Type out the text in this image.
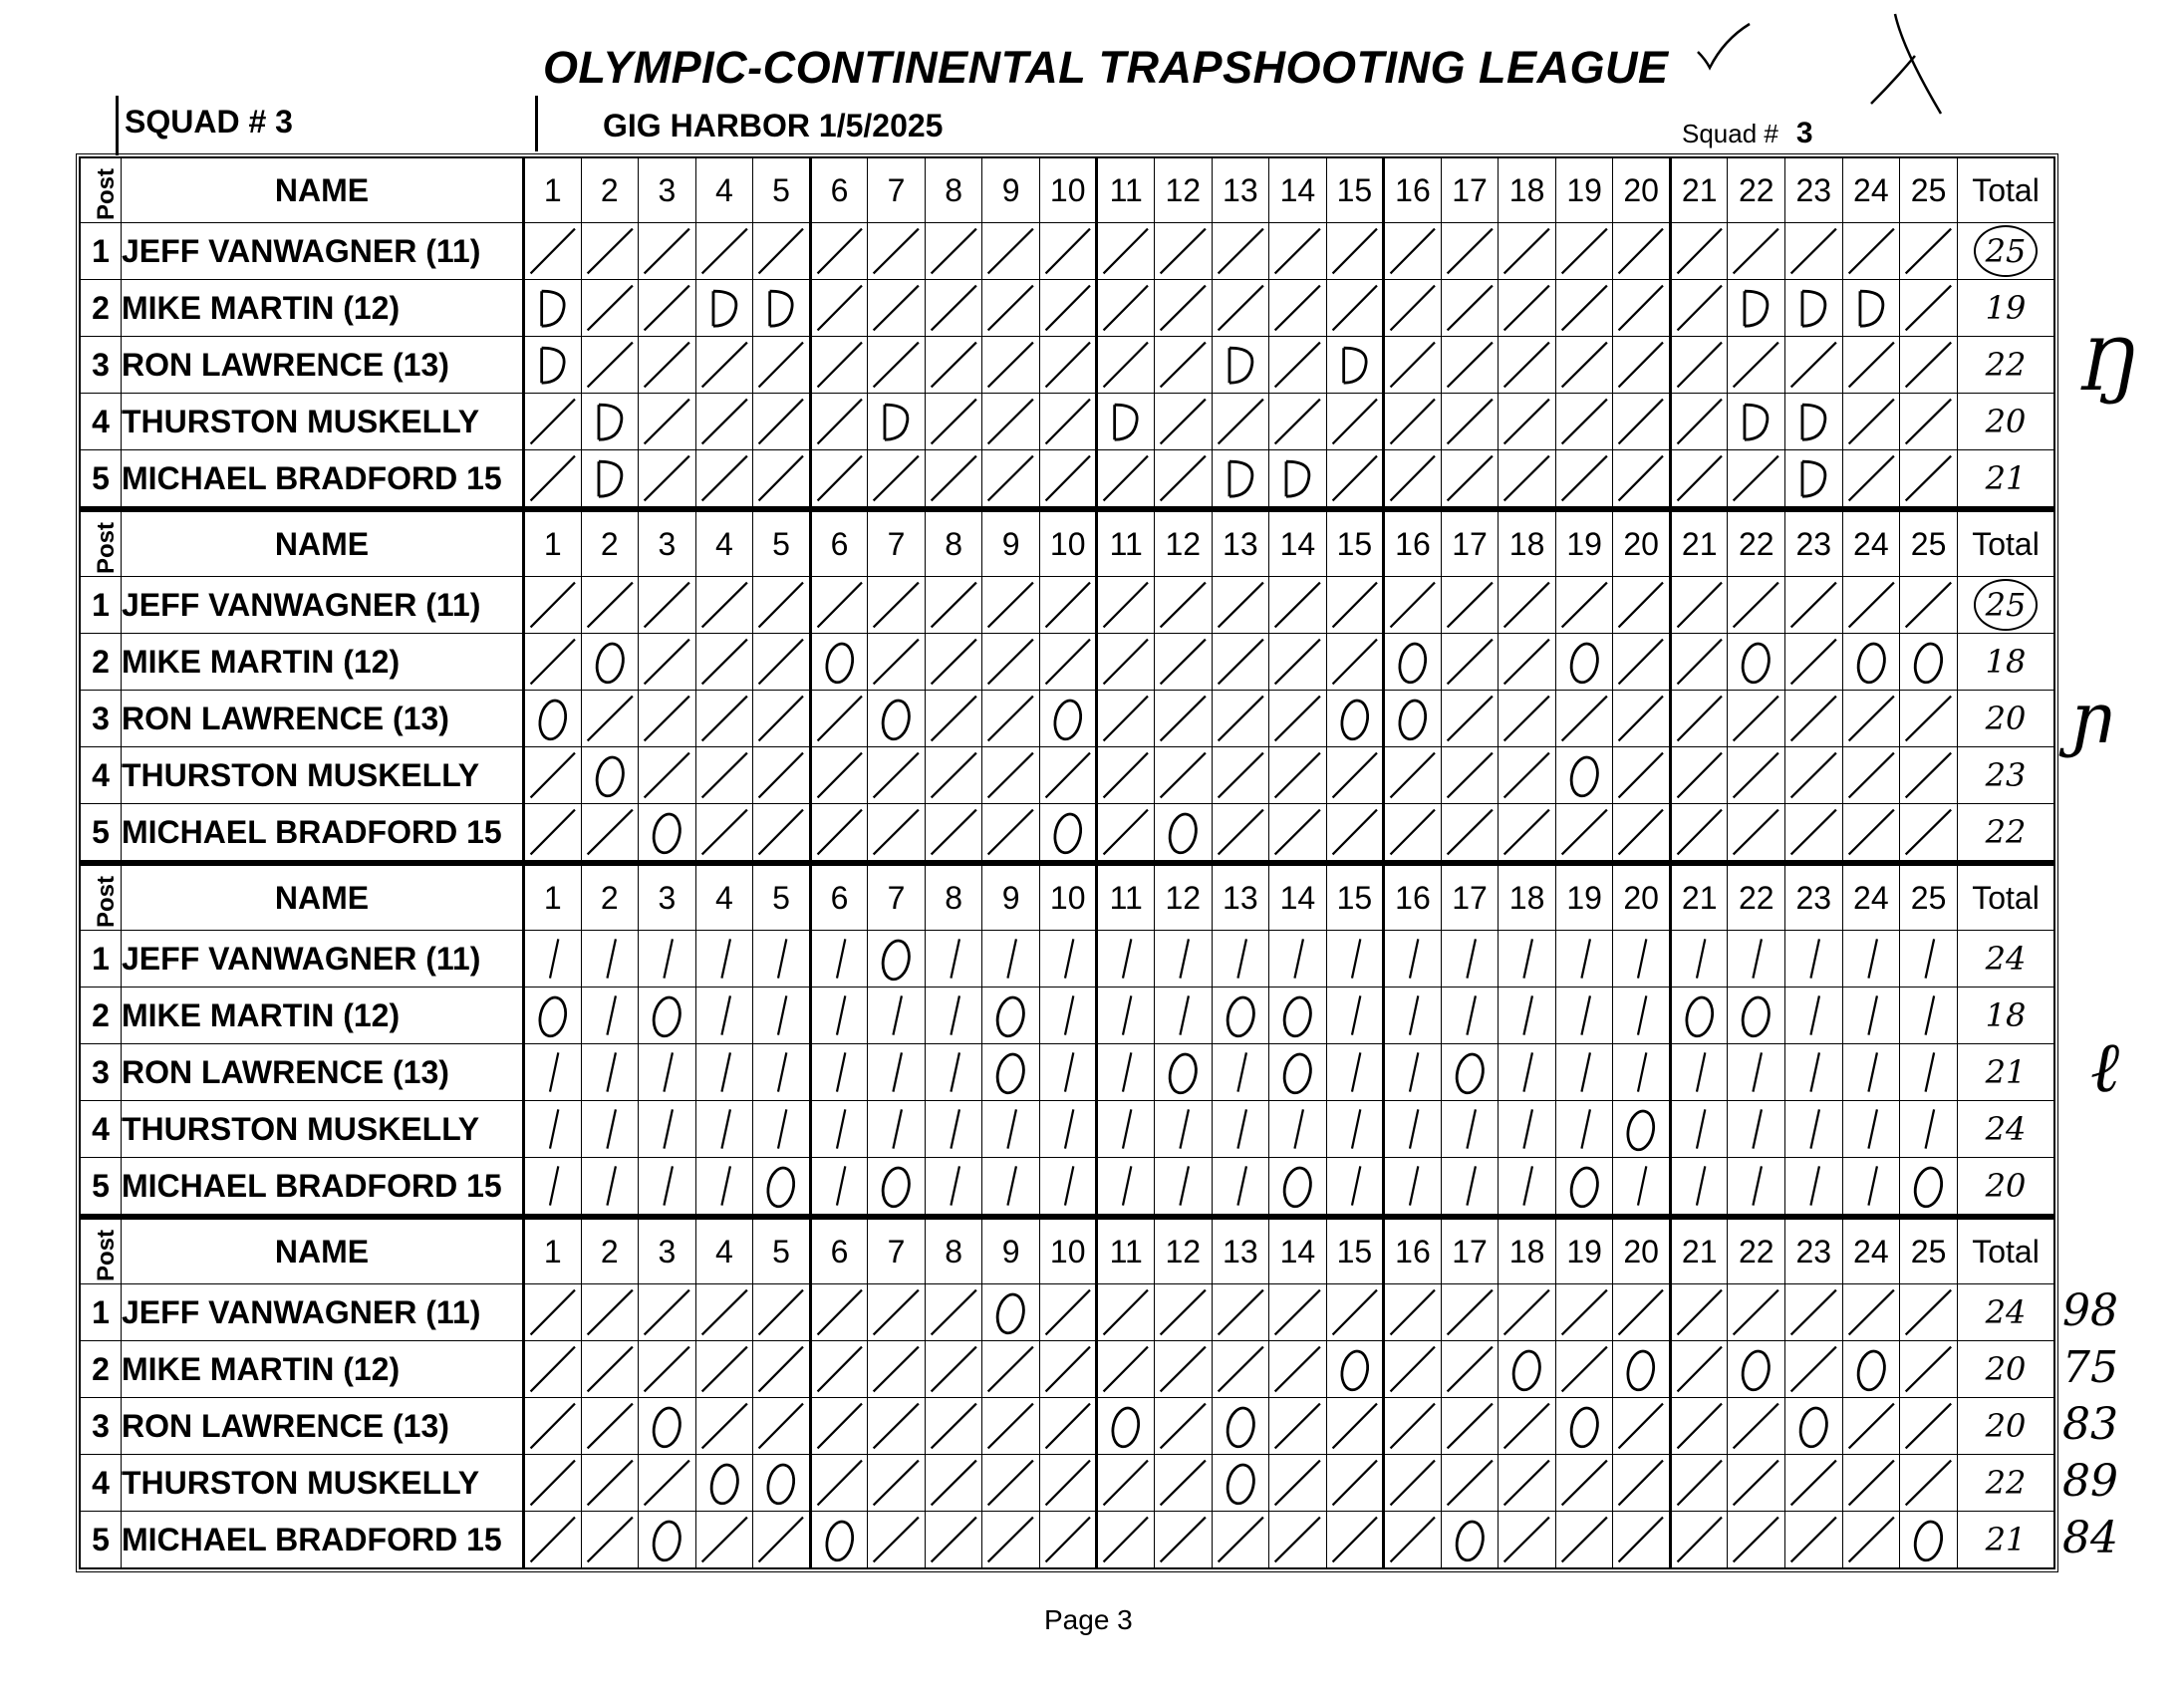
OLYMPIC-CONTINENTAL TRAPSHOOTING LEAGUE
SQUAD # 3	GIG HARBOR 1/5/2025	Squad # 3
Post	NAME	1	2	3	4	5	6	7	8	9	10	11	12	13	14	15	16	17	18	19	20	21	22	23	24	25	Total
1	JEFF VANWAGNER (11)																										25
2	MIKE MARTIN (12)																										19
3	RON LAWRENCE (13)																										22
4	THURSTON MUSKELLY																										20
5	MICHAEL BRADFORD 15																										21
Post	NAME	1	2	3	4	5	6	7	8	9	10	11	12	13	14	15	16	17	18	19	20	21	22	23	24	25	Total
1	JEFF VANWAGNER (11)																										25
2	MIKE MARTIN (12)																										18
3	RON LAWRENCE (13)																										20
4	THURSTON MUSKELLY																										23
5	MICHAEL BRADFORD 15																										22
Post	NAME	1	2	3	4	5	6	7	8	9	10	11	12	13	14	15	16	17	18	19	20	21	22	23	24	25	Total
1	JEFF VANWAGNER (11)																										24
2	MIKE MARTIN (12)																										18
3	RON LAWRENCE (13)																										21
4	THURSTON MUSKELLY																										24
5	MICHAEL BRADFORD 15																										20
Post	NAME	1	2	3	4	5	6	7	8	9	10	11	12	13	14	15	16	17	18	19	20	21	22	23	24	25	Total
1	JEFF VANWAGNER (11)																										24
2	MIKE MARTIN (12)																										20
3	RON LAWRENCE (13)																										20
4	THURSTON MUSKELLY																										22
5	MICHAEL BRADFORD 15																										21
98
75
83
89
84
Ŋ
ɲ
ℓ
Page 3
